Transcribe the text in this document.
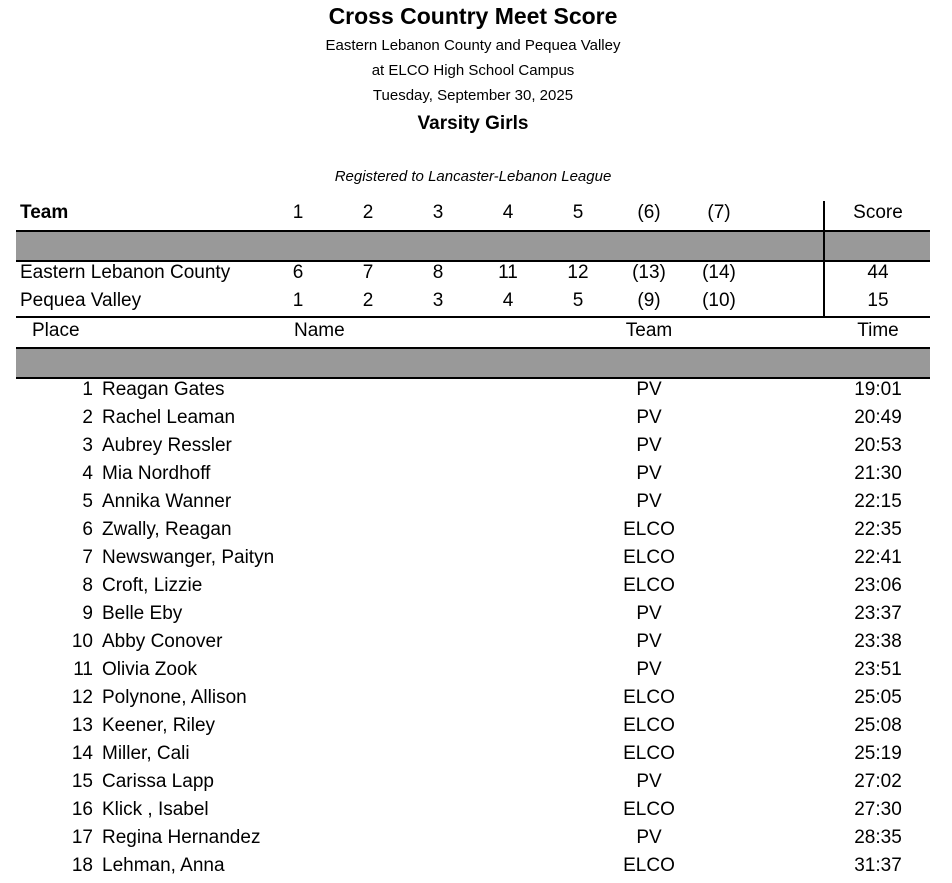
Cross Country Meet Score
Eastern Lebanon County and Pequea Valley
at ELCO High School Campus
Tuesday, September 30, 2025
Varsity Girls
Registered to Lancaster-Lebanon League
Team	1	2	3	4	5	(6)	(7)	Score
Eastern Lebanon County	6	7	8	11	12	(13) (14)	44
Pequea Valley	1	2	3	4	5	(9)	(10)	15
Place	Name	Team	Time
1 Reagan Gates	PV	19:01
2 Rachel Leaman	PV	20:49
3 Aubrey Ressler	PV	20:53
4 Mia Nordhoff	PV	21:30
5 Annika Wanner	PV	22:15
6 Zwally, Reagan	ELCO	22:35
7 Newswanger, Paityn	ELCO	22:41
8 Croft, Lizzie	ELCO	23:06
9 Belle Eby	PV	23:37
10 Abby Conover	PV	23:38
11 Olivia Zook	PV	23:51
12 Polynone, Allison	ELCO	25:05
13 Keener, Riley	ELCO	25:08
14 Miller, Cali	ELCO	25:19
15 Carissa Lapp	PV	27:02
16 Klick , Isabel	ELCO	27:30
17 Regina Hernandez	PV	28:35
18 Lehman, Anna	ELCO	31:37
